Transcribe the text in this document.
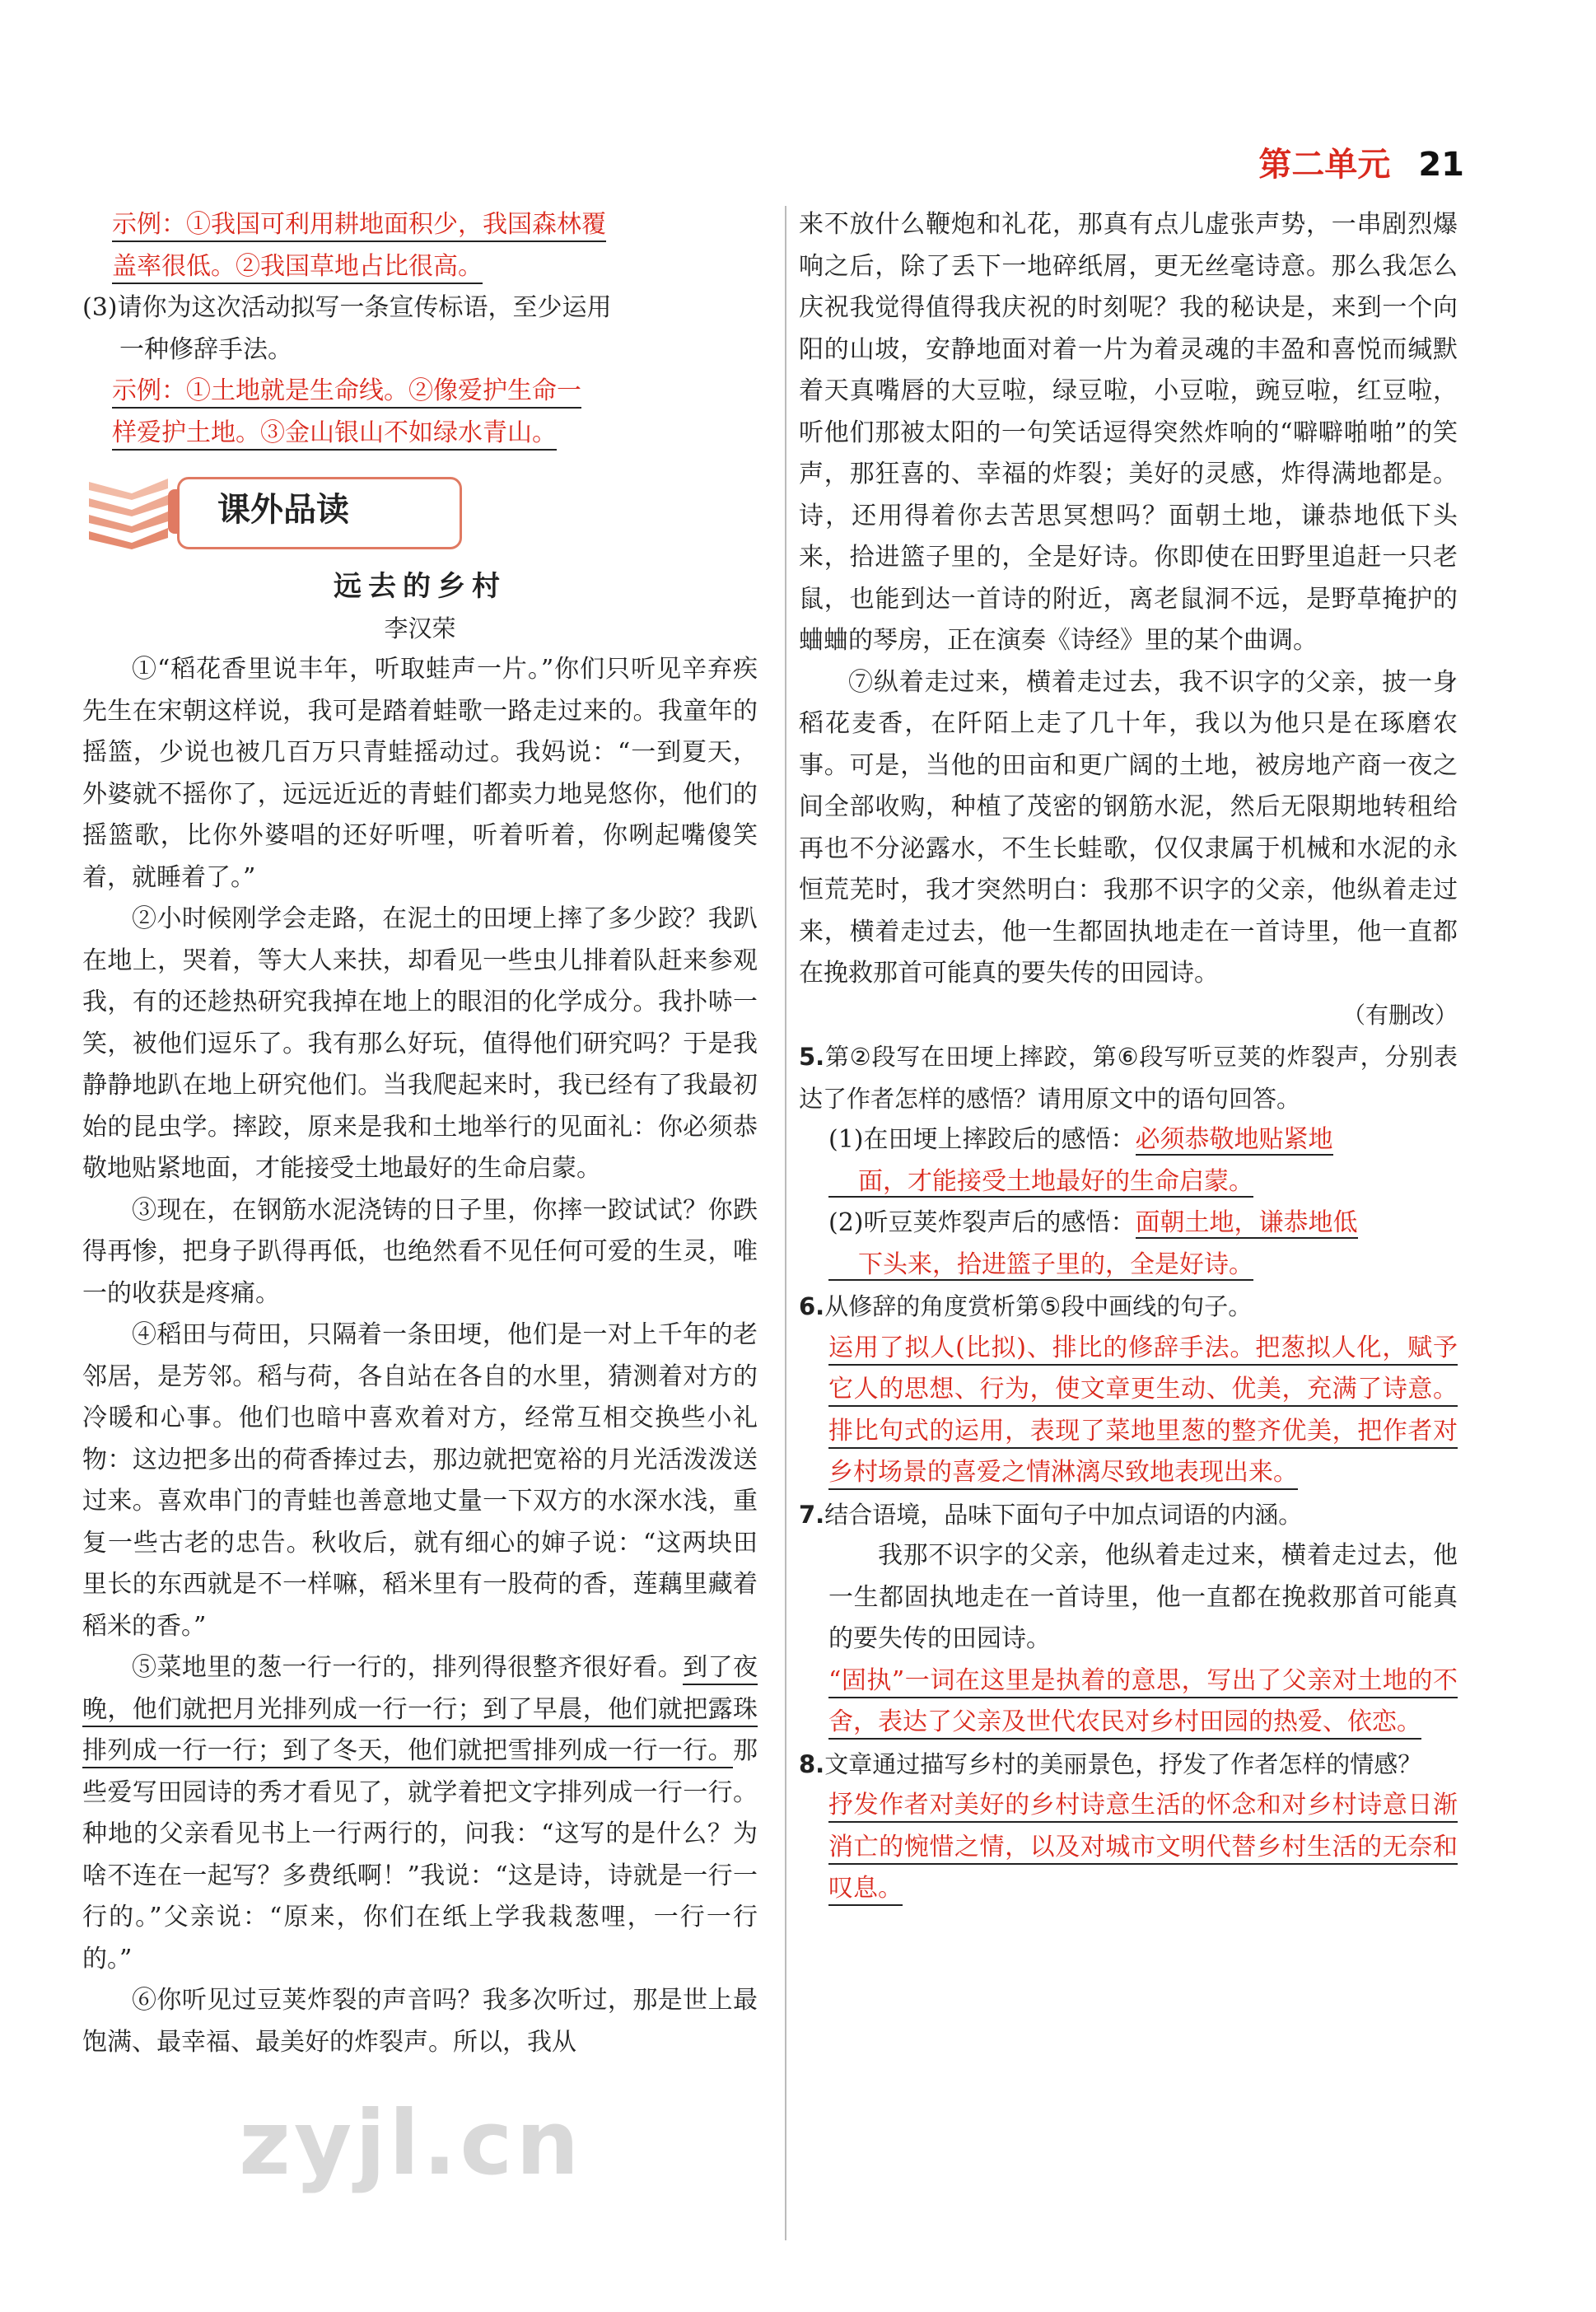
第二单元 21

示例：①我国可利用耕地面积少，我国森林覆
盖率很低。②我国草地占比很高。

(3)请你为这次活动拟写一条宣传标语，至少运用
一种修辞手法。

示例：①土地就是生命线。②像爱护生命一
样爱护土地。③金山银山不如绿水青山。

课外品读

远去的乡村

李汉荣

①“稻花香里说丰年，听取蛙声一片。”你们只听见辛弃疾先生在宋朝这样说，我可是踏着蛙歌一路走过来的。我童年的摇篮，少说也被几百万只青蛙摇动过。我妈说：“一到夏天，外婆就不摇你了，远远近近的青蛙们都卖力地晃悠你，他们的摇篮歌，比你外婆唱的还好听哩，听着听着，你咧起嘴傻笑着，就睡着了。”

②小时候刚学会走路，在泥土的田埂上摔了多少跤？我趴在地上，哭着，等大人来扶，却看见一些虫儿排着队赶来参观我，有的还趁热研究我掉在地上的眼泪的化学成分。我扑哧一笑，被他们逗乐了。我有那么好玩，值得他们研究吗？于是我静静地趴在地上研究他们。当我爬起来时，我已经有了我最初始的昆虫学。摔跤，原来是我和土地举行的见面礼：你必须恭敬地贴紧地面，才能接受土地最好的生命启蒙。

③现在，在钢筋水泥浇铸的日子里，你摔一跤试试？你跌得再惨，把身子趴得再低，也绝然看不见任何可爱的生灵，唯一的收获是疼痛。

④稻田与荷田，只隔着一条田埂，他们是一对上千年的老邻居，是芳邻。稻与荷，各自站在各自的水里，猜测着对方的冷暖和心事。他们也暗中喜欢着对方，经常互相交换些小礼物：这边把多出的荷香捧过去，那边就把宽裕的月光活泼泼送过来。喜欢串门的青蛙也善意地丈量一下双方的水深水浅，重复一些古老的忠告。秋收后，就有细心的婶子说：“这两块田里长的东西就是不一样嘛，稻米里有一股荷的香，莲藕里藏着稻米的香。”

⑤菜地里的葱一行一行的，排列得很整齐很好看。到了夜晚，他们就把月光排列成一行一行；到了早晨，他们就把露珠排列成一行一行；到了冬天，他们就把雪排列成一行一行。那些爱写田园诗的秀才看见了，就学着把文字排列成一行一行。种地的父亲看见书上一行两行的，问我：“这写的是什么？为啥不连在一起写？多费纸啊！”我说：“这是诗，诗就是一行一行的。”父亲说：“原来，你们在纸上学我栽葱哩，一行一行的。”

⑥你听见过豆荚炸裂的声音吗？我多次听过，那是世上最饱满、最幸福、最美好的炸裂声。所以，我从

来不放什么鞭炮和礼花，那真有点儿虚张声势，一串剧烈爆响之后，除了丢下一地碎纸屑，更无丝毫诗意。那么我怎么庆祝我觉得值得我庆祝的时刻呢？我的秘诀是，来到一个向阳的山坡，安静地面对着一片为着灵魂的丰盈和喜悦而缄默着天真嘴唇的大豆啦，绿豆啦，小豆啦，豌豆啦，红豆啦，听他们那被太阳的一句笑话逗得突然炸响的“噼噼啪啪”的笑声，那狂喜的、幸福的炸裂；美好的灵感，炸得满地都是。诗，还用得着你去苦思冥想吗？面朝土地，谦恭地低下头来，拾进篮子里的，全是好诗。你即使在田野里追赶一只老鼠，也能到达一首诗的附近，离老鼠洞不远，是野草掩护的蛐蛐的琴房，正在演奏《诗经》里的某个曲调。

⑦纵着走过来，横着走过去，我不识字的父亲，披一身稻花麦香，在阡陌上走了几十年，我以为他只是在琢磨农事。可是，当他的田亩和更广阔的土地，被房地产商一夜之间全部收购，种植了茂密的钢筋水泥，然后无限期地转租给再也不分泌露水，不生长蛙歌，仅仅隶属于机械和水泥的永恒荒芜时，我才突然明白：我那不识字的父亲，他纵着走过来，横着走过去，他一生都固执地走在一首诗里，他一直都在挽救那首可能真的要失传的田园诗。

（有删改）

5.第②段写在田埂上摔跤，第⑥段写听豆荚的炸裂声，分别表达了作者怎样的感悟？请用原文中的语句回答。

(1)在田埂上摔跤后的感悟：必须恭敬地贴紧地
面，才能接受土地最好的生命启蒙。

(2)听豆荚炸裂声后的感悟：面朝土地，谦恭地低
下头来，拾进篮子里的，全是好诗。

6.从修辞的角度赏析第⑤段中画线的句子。

运用了拟人(比拟)、排比的修辞手法。把葱拟人化，赋予它人的思想、行为，使文章更生动、优美，充满了诗意。排比句式的运用，表现了菜地里葱的整齐优美，把作者对乡村场景的喜爱之情淋漓尽致地表现出来。

7.结合语境，品味下面句子中加点词语的内涵。

我那不识字的父亲，他纵着走过来，横着走过去，他一生都固执地走在一首诗里，他一直都在挽救那首可能真的要失传的田园诗。

“固执”一词在这里是执着的意思，写出了父亲对土地的不舍，表达了父亲及世代农民对乡村田园的热爱、依恋。

8.文章通过描写乡村的美丽景色，抒发了作者怎样的情感？

抒发作者对美好的乡村诗意生活的怀念和对乡村诗意日渐消亡的惋惜之情，以及对城市文明代替乡村生活的无奈和叹息。

zyjl.cn
